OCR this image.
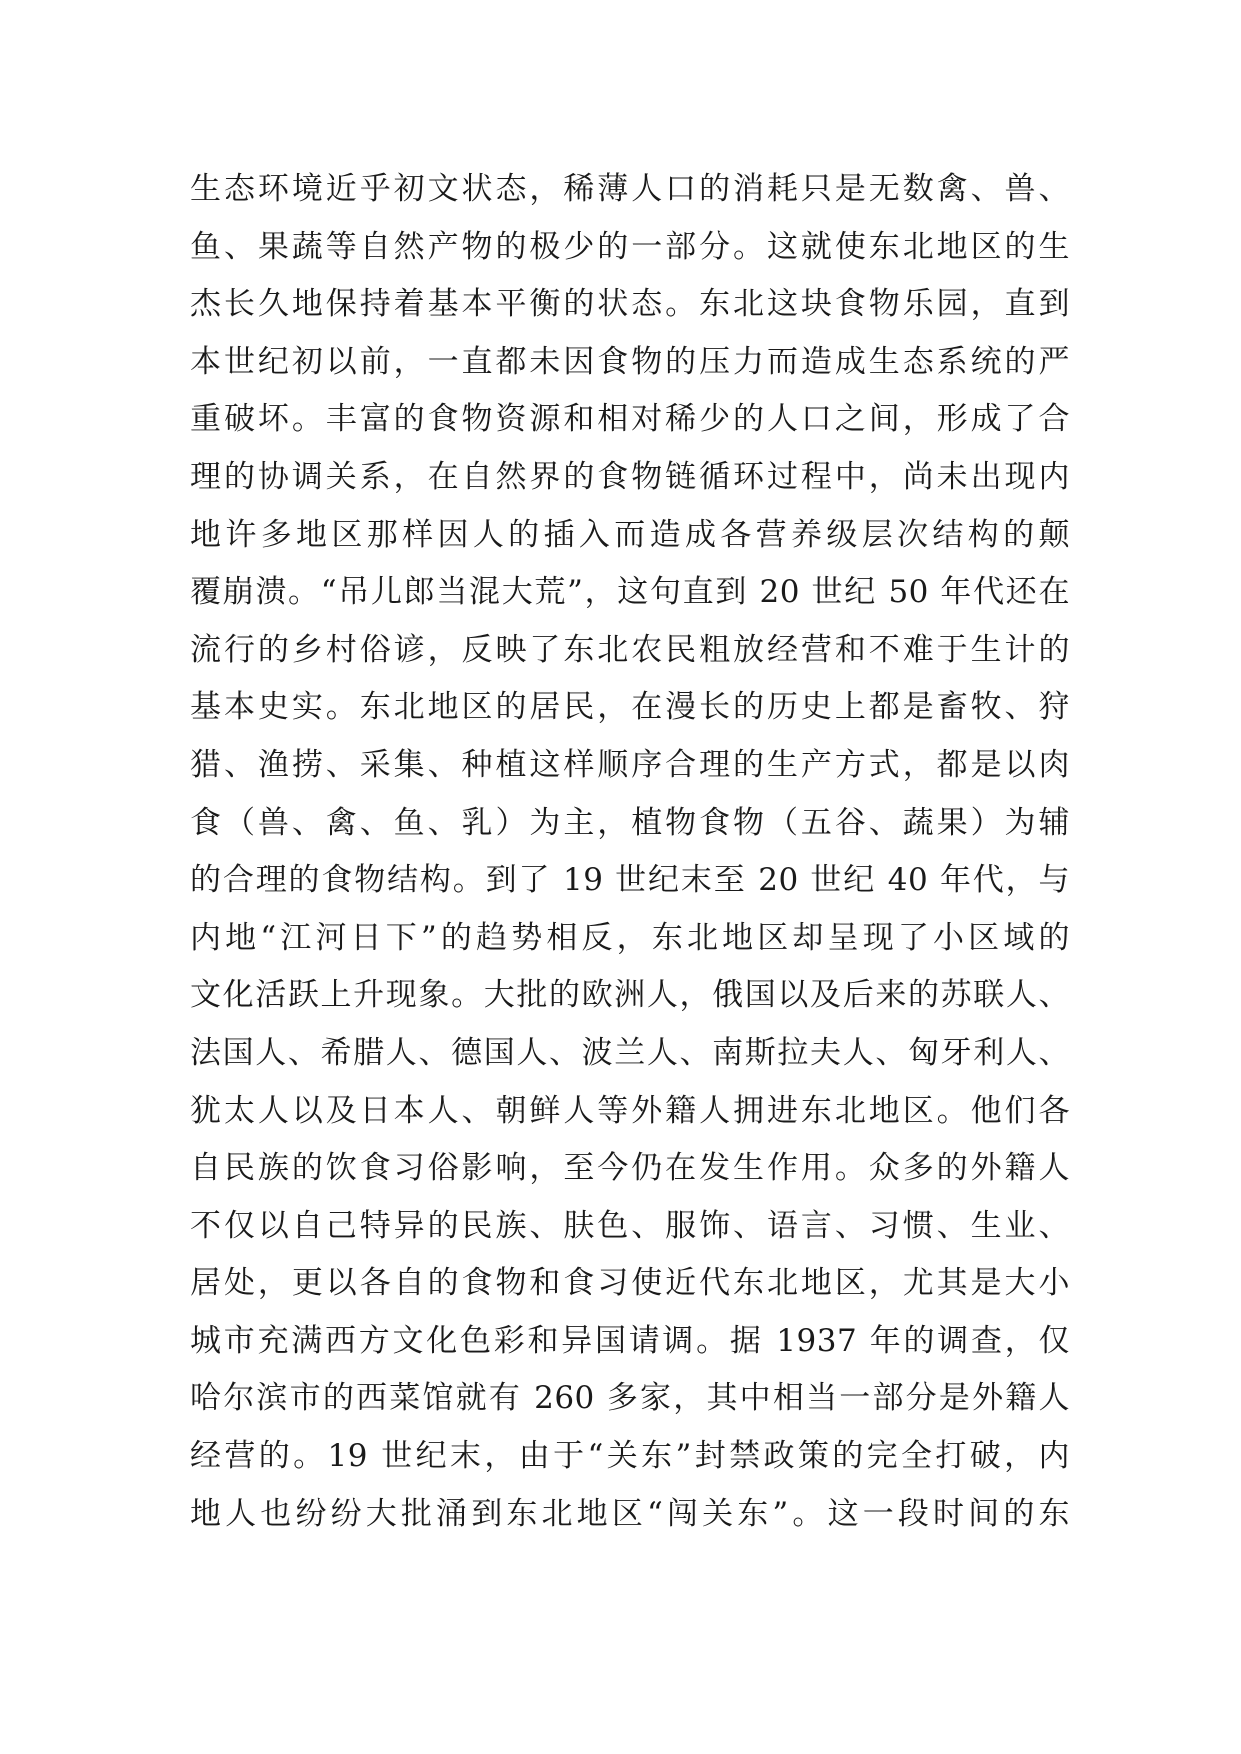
生态环境近乎初文状态，稀薄人口的消耗只是无数禽、兽、
鱼、果蔬等自然产物的极少的一部分。这就使东北地区的生
杰长久地保持着基本平衡的状态。东北这块食物乐园，直到
本世纪初以前，一直都未因食物的压力而造成生态系统的严
重破坏。丰富的食物资源和相对稀少的人口之间，形成了合
理的协调关系，在自然界的食物链循环过程中，尚未出现内
地许多地区那样因人的插入而造成各营养级层次结构的颠
覆崩溃。“吊儿郎当混大荒”，这句直到 20 世纪 50 年代还在
流行的乡村俗谚，反映了东北农民粗放经营和不难于生计的
基本史实。东北地区的居民，在漫长的历史上都是畜牧、狩
猎、渔捞、采集、种植这样顺序合理的生产方式，都是以肉
食（兽、禽、鱼、乳）为主，植物食物（五谷、蔬果）为辅
的合理的食物结构。到了 19 世纪末至 20 世纪 40 年代，与
内地“江河日下”的趋势相反，东北地区却呈现了小区域的
文化活跃上升现象。大批的欧洲人，俄国以及后来的苏联人、
法国人、希腊人、德国人、波兰人、南斯拉夫人、匈牙利人、
犹太人以及日本人、朝鲜人等外籍人拥进东北地区。他们各
自民族的饮食习俗影响，至今仍在发生作用。众多的外籍人
不仅以自己特异的民族、肤色、服饰、语言、习惯、生业、
居处，更以各自的食物和食习使近代东北地区，尤其是大小
城市充满西方文化色彩和异国请调。据 1937 年的调查，仅
哈尔滨市的西菜馆就有 260 多家，其中相当一部分是外籍人
经营的。19 世纪末，由于“关东”封禁政策的完全打破，内
地人也纷纷大批涌到东北地区“闯关东”。这一段时间的东
